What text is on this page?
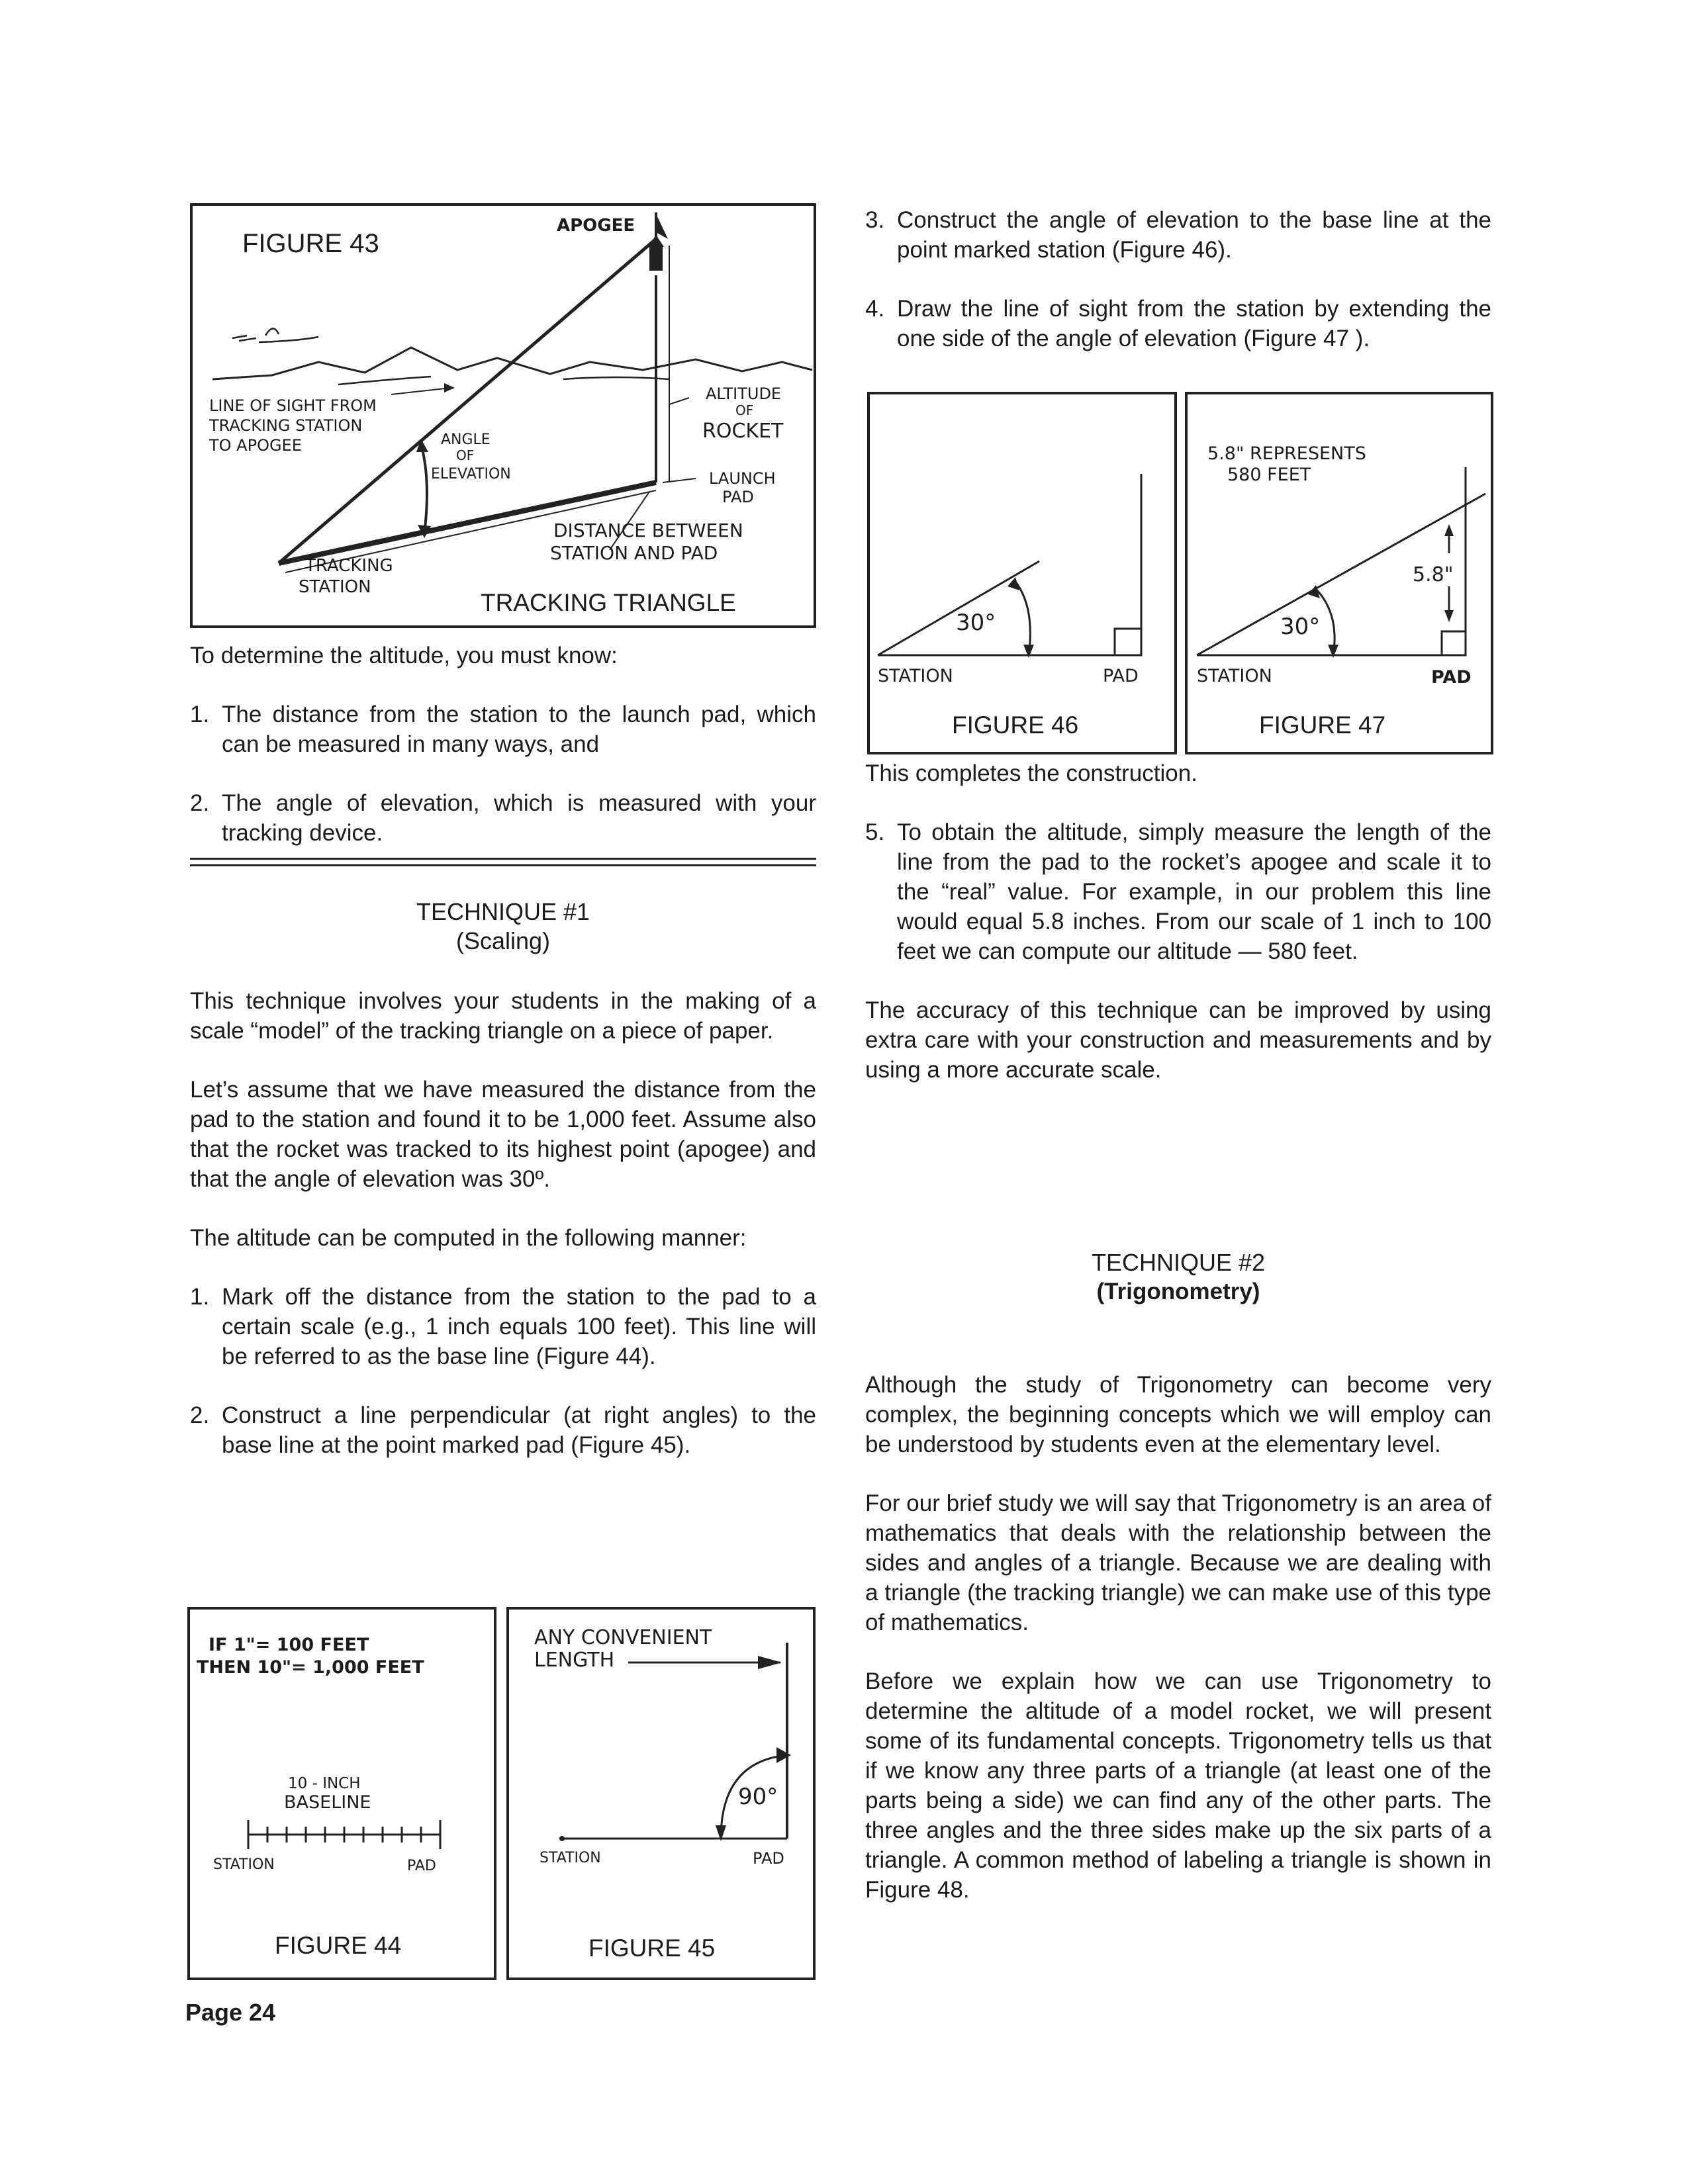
FIGURE 43
APOGEE
LINE OF SIGHT FROM
TRACKING STATION
TO APOGEE	ANGLE
OF
ELEVATION
ALTITUDE
OF
ROCKET
LAUNCH
PAD
DISTANCE BETWEEN
STATION AND PAD
TRACKING
STATION
TRACKING TRIANGLE

To determine the altitude, you must know:

1. The distance from the station to the launch pad, which can be measured in many ways, and
2. The angle of elevation, which is measured with your tracking device.
TECHNIQUE #1
(Scaling)

This technique involves your students in the making of a scale “model” of the tracking triangle on a piece of paper.

Let’s assume that we have measured the distance from the pad to the station and found it to be 1,000 feet. Assume also that the rocket was tracked to its highest point (apogee) and that the angle of elevation was 30º.

The altitude can be computed in the following manner:

1. Mark off the distance from the station to the pad to a certain scale (e.g., 1 inch equals 100 feet). This line will be referred to as the base line (Figure 44).
2. Construct a line perpendicular (at right angles) to the base line at the point marked pad (Figure 45).
IF 1"= 100 FEET
THEN 10"= 1,000 FEET
10 - INCH
BASELINE
STATION	PAD
FIGURE 44
ANY CONVENIENT
LENGTH
90°
STATION	PAD
FIGURE 45
3. Construct the angle of elevation to the base line at the point marked station (Figure 46).
4. Draw the line of sight from the station by extending the one side of the angle of elevation (Figure 47 ).
30°
STATION	PAD
FIGURE 46
5.8" REPRESENTS
580 FEET
30°
5.8"
STATION	PAD
FIGURE 47

This completes the construction.

5. To obtain the altitude, simply measure the length of the line from the pad to the rocket’s apogee and scale it to the “real” value. For example, in our problem this line would equal 5.8 inches. From our scale of 1 inch to 100 feet we can compute our altitude — 580 feet.

The accuracy of this technique can be improved by using extra care with your construction and measurements and by using a more accurate scale.

TECHNIQUE #2
(Trigonometry)

Although the study of Trigonometry can become very complex, the beginning concepts which we will employ can be understood by students even at the elementary level.

For our brief study we will say that Trigonometry is an area of mathematics that deals with the relationship between the sides and angles of a triangle. Because we are dealing with a triangle (the tracking triangle) we can make use of this type of mathematics.

Before we explain how we can use Trigonometry to determine the altitude of a model rocket, we will present some of its fundamental concepts. Trigonometry tells us that if we know any three parts of a triangle (at least one of the parts being a side) we can find any of the other parts. The three angles and the three sides make up the six parts of a triangle. A common method of labeling a triangle is shown in Figure 48.

Page 24
